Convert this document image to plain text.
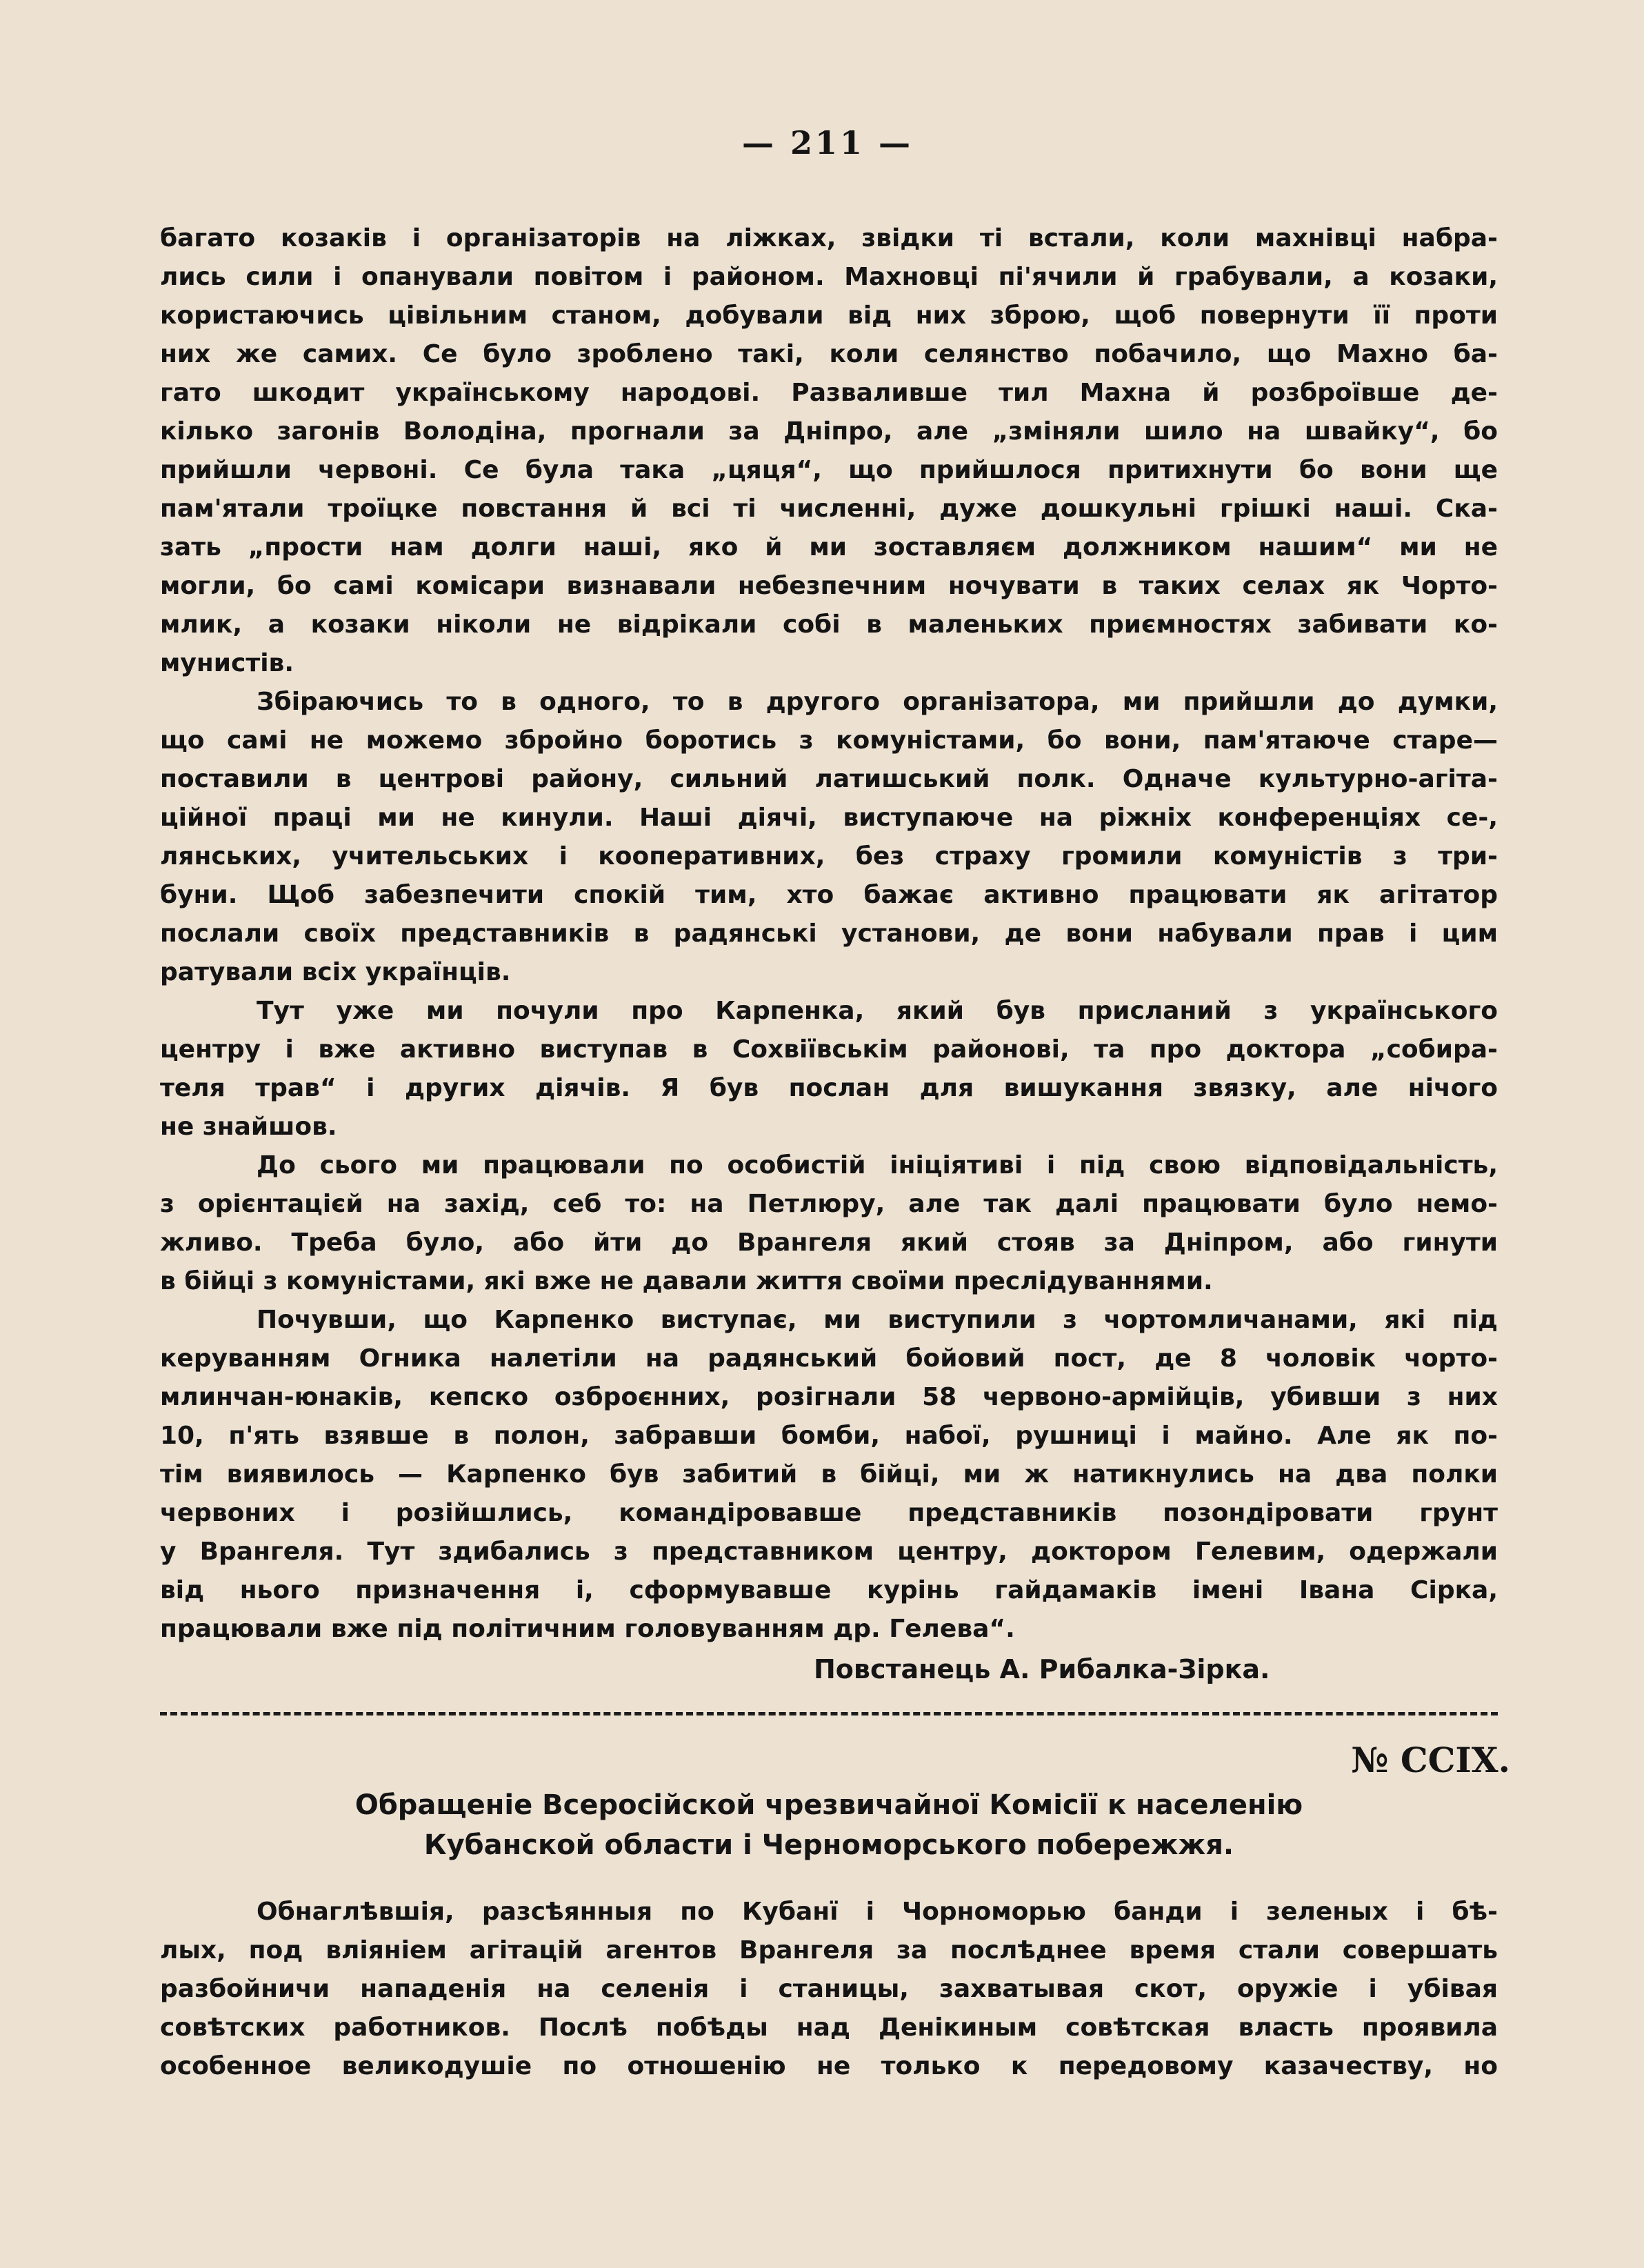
— 211 —
багато козаків і організаторів на ліжках, звідки ті встали, коли махнівці набра-
лись сили і опанували повітом і районом. Махновці пі'ячили й грабували, а козаки,
користаючись цівільним станом, добували від них зброю, щоб повернути її проти
них же самих. Се було зроблено такі, коли селянство побачило, що Махно ба-
гато шкодит українському народові. Разваливше тил Махна й розброївше де-
кілько загонів Володіна, прогнали за Дніпро, але „зміняли шило на швайку“, бо
прийшли червоні. Се була така „цяця“, що прийшлося притихнути бо вони ще
пам'ятали троїцке повстання й всі ті численні, дуже дошкульні грішкі наші. Ска-
зать „прости нам долги наші, яко й ми зоставляєм должником нашим“ ми не
могли, бо самі комісари визнавали небезпечним ночувати в таких селах як Чорто-
млик, а козаки ніколи не відрікали собі в маленьких приємностях забивати ко-
мунистів.
Збіраючись то в одного, то в другого організатора, ми прийшли до думки,
що самі не можемо збройно боротись з комуністами, бо вони, пам'ятаюче старе—
поставили в центрові району, сильний латишський полк. Одначе культурно-агіта-
ційної праці ми не кинули. Наші діячі, виступаюче на ріжніх конференціях се-,
лянських, учительських і кооперативних, без страху громили комуністів з три-
буни. Щоб забезпечити спокій тим, хто бажає активно працювати як агітатор
послали своїх представників в радянські установи, де вони набували прав і цим
ратували всіх українців.
Тут уже ми почули про Карпенка, який був присланий з українського
центру і вже активно виступав в Сохвіївськім районові, та про доктора „собира-
теля трав“ і других діячів. Я був послан для вишукання звязку, але нічого
не знайшов.
До сього ми працювали по особистій ініціятиві і під свою відповідальність,
з орієнтацієй на захід, себ то: на Петлюру, але так далі працювати було немо-
жливо. Треба було, або йти до Врангеля який стояв за Дніпром, або гинути
в бійці з комуністами, які вже не давали життя своїми преслідуваннями.
Почувши, що Карпенко виступає, ми виступили з чортомличанами, які під
керуванням Огника налетіли на радянський бойовий пост, де 8 чоловік чорто-
млинчан-юнаків, кепско озброєнних, розігнали 58 червоно-армійців, убивши з них
10, п'ять взявше в полон, забравши бомби, набої, рушниці і майно. Але як по-
тім виявилось — Карпенко був забитий в бійці, ми ж натикнулись на два полки
червоних і розійшлись, командіровавше представників позондіровати грунт
у Врангеля. Тут здибались з представником центру, доктором Гелевим, одержали
від нього призначення і, сформувавше курінь гайдамаків імені Івана Сірка,
працювали вже під політичним головуванням др. Гелева“.
Повстанець А. Рибалка-Зірка.
№ CCIX.
Обращеніе Всеросійской чрезвичайної Комісії к населенію
Кубанской области і Черноморського побережжя.
Обнаглѣвшія, разсѣянныя по Кубанї і Чорноморью банди і зеленых і бѣ-
лых, под вліяніем агітацій агентов Врангеля за послѣднее время стали совершать
разбойничи нападенія на селенія і станицы, захватывая скот, оружіе і убівая
совѣтских работников. Послѣ побѣды над Денікиным совѣтская власть проявила
особенное великодушіе по отношенію не только к передовому казачеству, но
